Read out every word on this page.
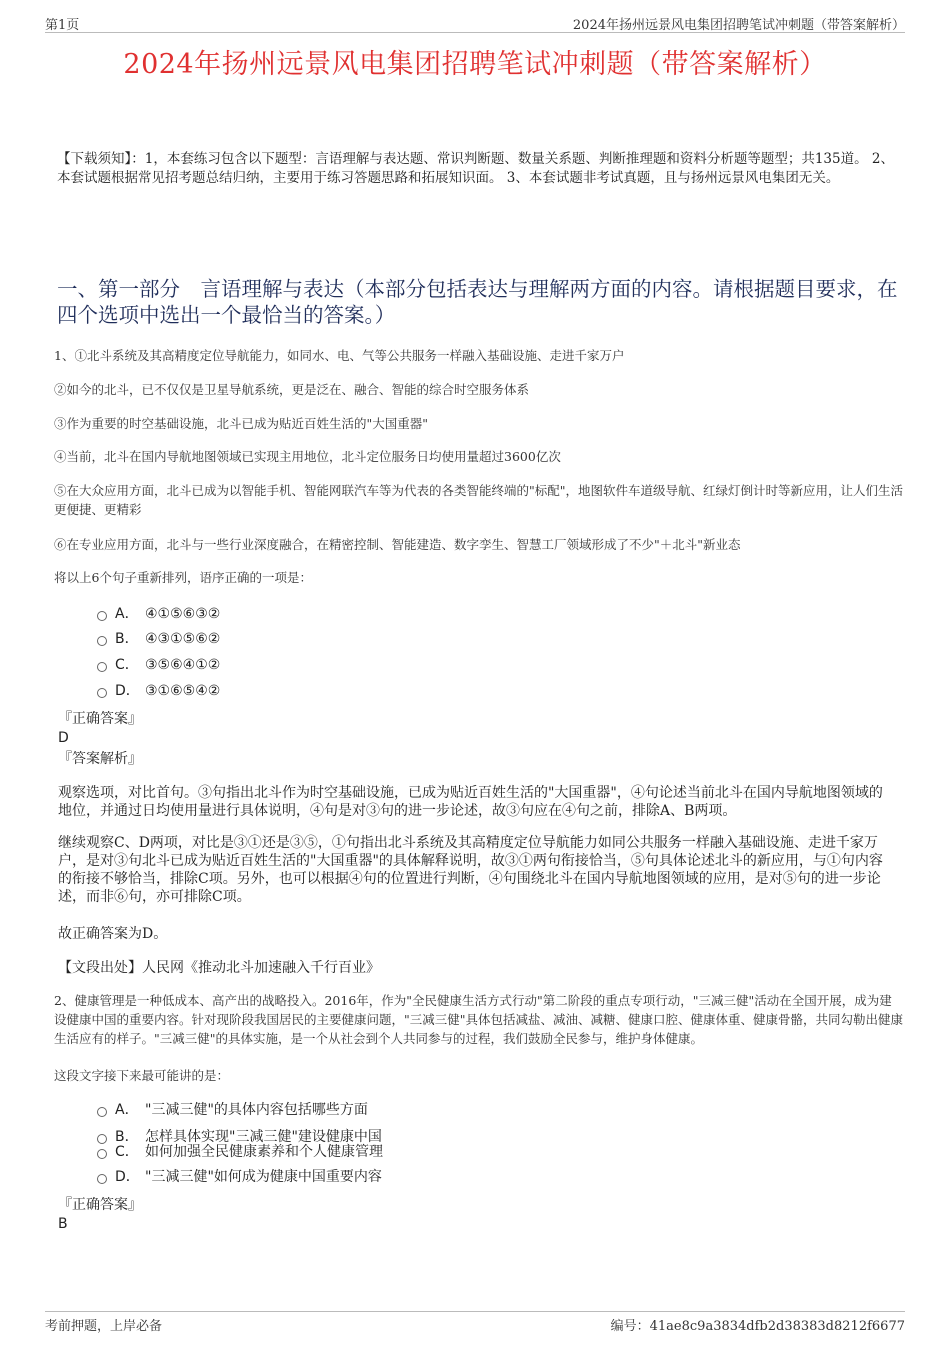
第1页	2024年扬州远景风电集团招聘笔试冲刺题（带答案解析）
2024年扬州远景风电集团招聘笔试冲刺题（带答案解析）
【下载须知】：1，本套练习包含以下题型：言语理解与表达题、常识判断题、数量关系题、判断推理题和资料分析题等题型；共135道。 2、本套试题根据常见招考题总结归纳，主要用于练习答题思路和拓展知识面。 3、本套试题非考试真题，且与扬州远景风电集团无关。
一、第一部分　言语理解与表达（本部分包括表达与理解两方面的内容。请根据题目要求，在四个选项中选出一个最恰当的答案。）
1、①北斗系统及其高精度定位导航能力，如同水、电、气等公共服务一样融入基础设施、走进千家万户
②如今的北斗，已不仅仅是卫星导航系统，更是泛在、融合、智能的综合时空服务体系
③作为重要的时空基础设施，北斗已成为贴近百姓生活的"大国重器"
④当前，北斗在国内导航地图领域已实现主用地位，北斗定位服务日均使用量超过3600亿次
⑤在大众应用方面，北斗已成为以智能手机、智能网联汽车等为代表的各类智能终端的"标配"，地图软件车道级导航、红绿灯倒计时等新应用，让人们生活更便捷、更精彩
⑥在专业应用方面，北斗与一些行业深度融合，在精密控制、智能建造、数字孪生、智慧工厂领域形成了不少"＋北斗"新业态
将以上6个句子重新排列，语序正确的一项是：
A． ④①⑤⑥③②
B． ④③①⑤⑥②
C． ③⑤⑥④①②
D． ③①⑥⑤④②
『正确答案』
D
『答案解析』
观察选项，对比首句。③句指出北斗作为时空基础设施，已成为贴近百姓生活的"大国重器"，④句论述当前北斗在国内导航地图领域的地位，并通过日均使用量进行具体说明，④句是对③句的进一步论述，故③句应在④句之前，排除A、B两项。
继续观察C、D两项，对比是③①还是③⑤，①句指出北斗系统及其高精度定位导航能力如同公共服务一样融入基础设施、走进千家万户，是对③句北斗已成为贴近百姓生活的"大国重器"的具体解释说明，故③①两句衔接恰当，⑤句具体论述北斗的新应用，与①句内容的衔接不够恰当，排除C项。另外，也可以根据④句的位置进行判断，④句围绕北斗在国内导航地图领域的应用，是对⑤句的进一步论述，而非⑥句，亦可排除C项。
故正确答案为D。
【文段出处】人民网《推动北斗加速融入千行百业》
2、健康管理是一种低成本、高产出的战略投入。2016年，作为"全民健康生活方式行动"第二阶段的重点专项行动，"三减三健"活动在全国开展，成为建设健康中国的重要内容。针对现阶段我国居民的主要健康问题，"三减三健"具体包括减盐、减油、减糖、健康口腔、健康体重、健康骨骼，共同勾勒出健康生活应有的样子。"三减三健"的具体实施，是一个从社会到个人共同参与的过程，我们鼓励全民参与，维护身体健康。
这段文字接下来最可能讲的是：
A． "三减三健"的具体内容包括哪些方面
B． 怎样具体实现"三减三健"建设健康中国
C． 如何加强全民健康素养和个人健康管理
D． "三减三健"如何成为健康中国重要内容
『正确答案』
B
考前押题，上岸必备	编号：41ae8c9a3834dfb2d38383d8212f6677
